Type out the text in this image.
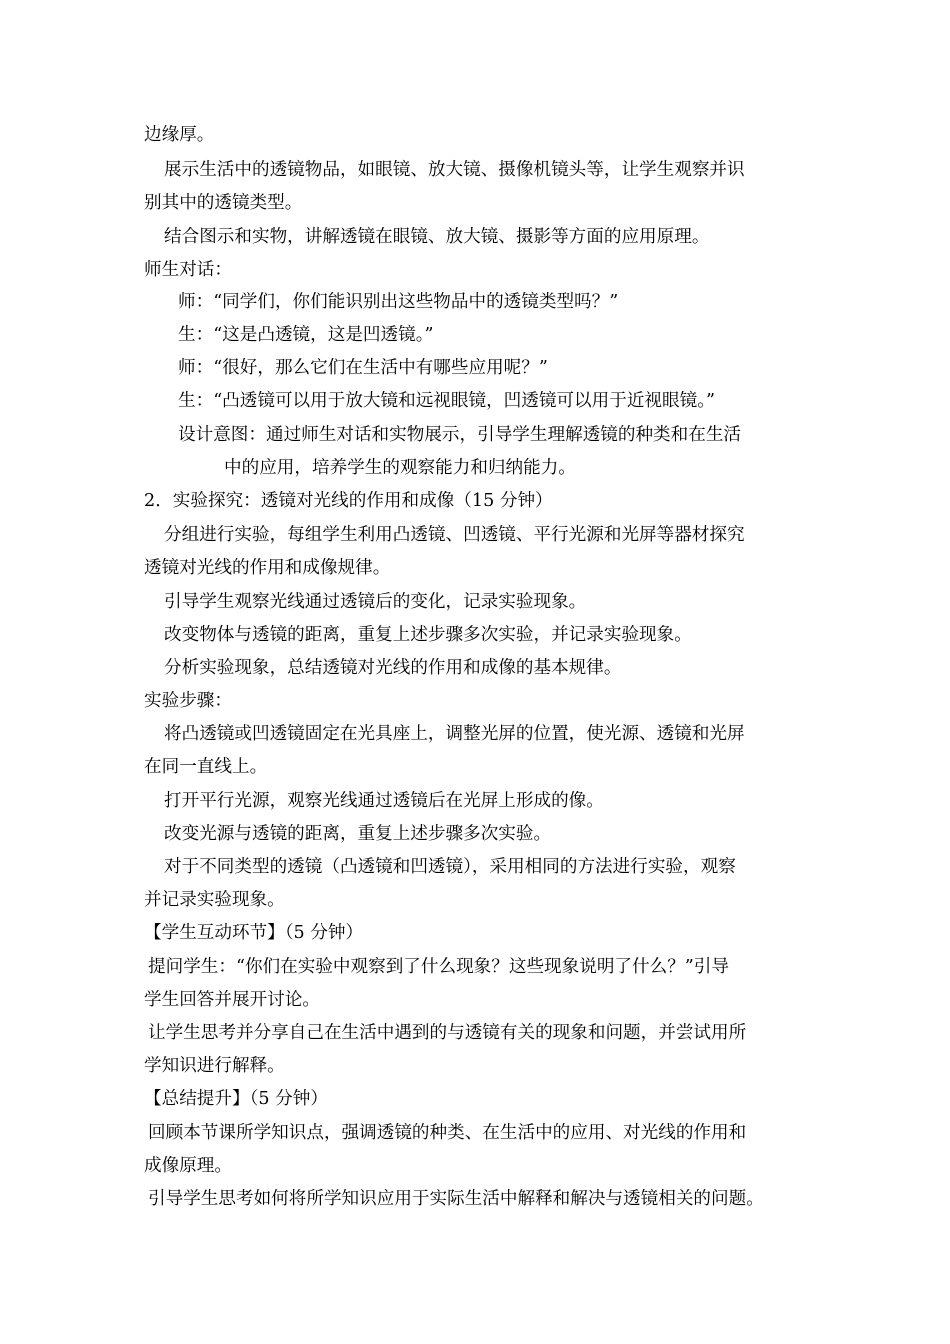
边缘厚。
展示生活中的透镜物品，如眼镜、放大镜、摄像机镜头等，让学生观察并识
别其中的透镜类型。
结合图示和实物，讲解透镜在眼镜、放大镜、摄影等方面的应用原理。
师生对话：
师：“同学们，你们能识别出这些物品中的透镜类型吗？”
生：“这是凸透镜，这是凹透镜。”
师：“很好，那么它们在生活中有哪些应用呢？”
生：“凸透镜可以用于放大镜和远视眼镜，凹透镜可以用于近视眼镜。”
设计意图：通过师生对话和实物展示，引导学生理解透镜的种类和在生活
中的应用，培养学生的观察能力和归纳能力。
2．实验探究：透镜对光线的作用和成像（15 分钟）
分组进行实验，每组学生利用凸透镜、凹透镜、平行光源和光屏等器材探究
透镜对光线的作用和成像规律。
引导学生观察光线通过透镜后的变化，记录实验现象。
改变物体与透镜的距离，重复上述步骤多次实验，并记录实验现象。
分析实验现象，总结透镜对光线的作用和成像的基本规律。
实验步骤：
将凸透镜或凹透镜固定在光具座上，调整光屏的位置，使光源、透镜和光屏
在同一直线上。
打开平行光源，观察光线通过透镜后在光屏上形成的像。
改变光源与透镜的距离，重复上述步骤多次实验。
对于不同类型的透镜（凸透镜和凹透镜），采用相同的方法进行实验，观察
并记录实验现象。
【学生互动环节】（5 分钟）
提问学生：“你们在实验中观察到了什么现象？这些现象说明了什么？”引导
学生回答并展开讨论。
让学生思考并分享自己在生活中遇到的与透镜有关的现象和问题，并尝试用所
学知识进行解释。
【总结提升】（5 分钟）
回顾本节课所学知识点，强调透镜的种类、在生活中的应用、对光线的作用和
成像原理。
引导学生思考如何将所学知识应用于实际生活中解释和解决与透镜相关的问题。
